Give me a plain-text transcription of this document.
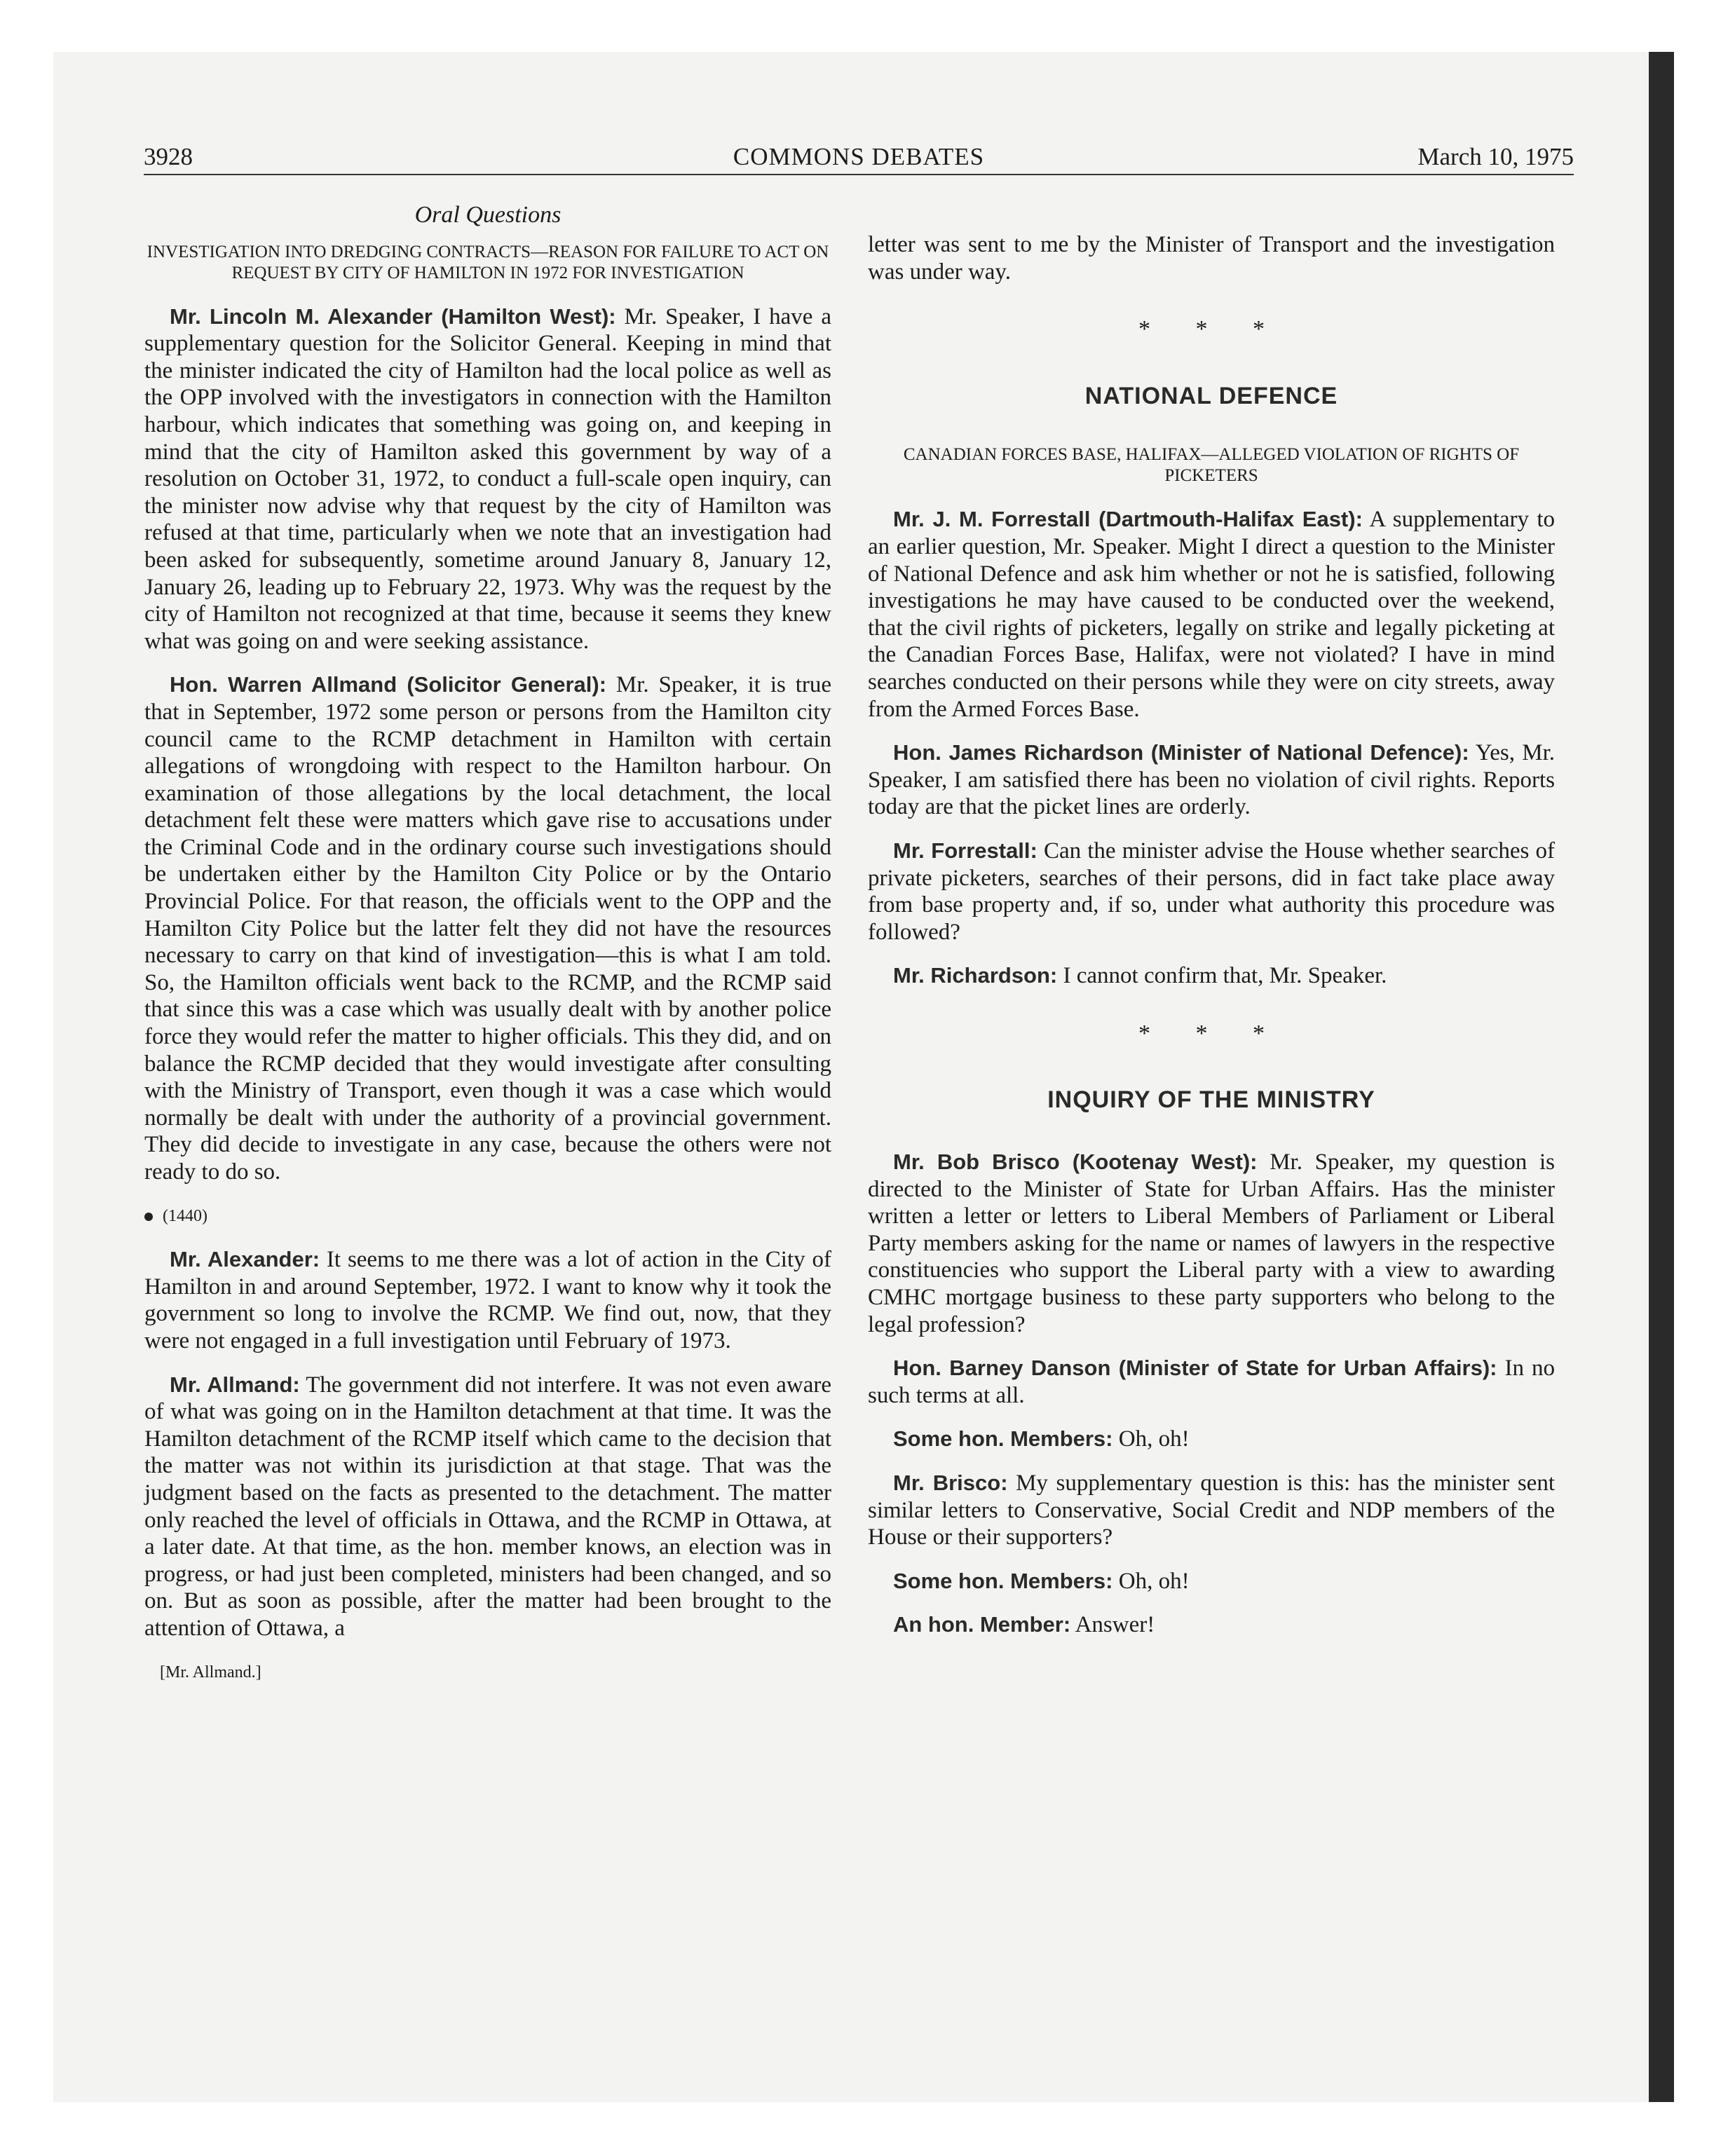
3928	COMMONS DEBATES	March 10, 1975
Oral Questions
INVESTIGATION INTO DREDGING CONTRACTS—REASON FOR FAILURE TO ACT ON REQUEST BY CITY OF HAMILTON IN 1972 FOR INVESTIGATION

Mr. Lincoln M. Alexander (Hamilton West): Mr. Speaker, I have a supplementary question for the Solicitor General. Keeping in mind that the minister indicated the city of Hamilton had the local police as well as the OPP involved with the investigators in connection with the Hamilton harbour, which indicates that something was going on, and keeping in mind that the city of Hamilton asked this government by way of a resolution on October 31, 1972, to conduct a full-scale open inquiry, can the minister now advise why that request by the city of Hamilton was refused at that time, particularly when we note that an investigation had been asked for subsequently, sometime around January 8, January 12, January 26, leading up to February 22, 1973. Why was the request by the city of Hamilton not recognized at that time, because it seems they knew what was going on and were seeking assistance.

Hon. Warren Allmand (Solicitor General): Mr. Speaker, it is true that in September, 1972 some person or persons from the Hamilton city council came to the RCMP detachment in Hamilton with certain allegations of wrongdoing with respect to the Hamilton harbour. On examination of those allegations by the local detachment, the local detachment felt these were matters which gave rise to accusations under the Criminal Code and in the ordinary course such investigations should be undertaken either by the Hamilton City Police or by the Ontario Provincial Police. For that reason, the officials went to the OPP and the Hamilton City Police but the latter felt they did not have the resources necessary to carry on that kind of investigation—this is what I am told. So, the Hamilton officials went back to the RCMP, and the RCMP said that since this was a case which was usually dealt with by another police force they would refer the matter to higher officials. This they did, and on balance the RCMP decided that they would investigate after consulting with the Ministry of Transport, even though it was a case which would normally be dealt with under the authority of a provincial government. They did decide to investigate in any case, because the others were not ready to do so.

(1440)

Mr. Alexander: It seems to me there was a lot of action in the City of Hamilton in and around September, 1972. I want to know why it took the government so long to involve the RCMP. We find out, now, that they were not engaged in a full investigation until February of 1973.

Mr. Allmand: The government did not interfere. It was not even aware of what was going on in the Hamilton detachment at that time. It was the Hamilton detachment of the RCMP itself which came to the decision that the matter was not within its jurisdiction at that stage. That was the judgment based on the facts as presented to the detachment. The matter only reached the level of officials in Ottawa, and the RCMP in Ottawa, at a later date. At that time, as the hon. member knows, an election was in progress, or had just been completed, ministers had been changed, and so on. But as soon as possible, after the matter had been brought to the attention of Ottawa, a

[Mr. Allmand.]

letter was sent to me by the Minister of Transport and the investigation was under way.

* * *
NATIONAL DEFENCE
CANADIAN FORCES BASE, HALIFAX—ALLEGED VIOLATION OF RIGHTS OF PICKETERS

Mr. J. M. Forrestall (Dartmouth-Halifax East): A supplementary to an earlier question, Mr. Speaker. Might I direct a question to the Minister of National Defence and ask him whether or not he is satisfied, following investigations he may have caused to be conducted over the weekend, that the civil rights of picketers, legally on strike and legally picketing at the Canadian Forces Base, Halifax, were not violated? I have in mind searches conducted on their persons while they were on city streets, away from the Armed Forces Base.

Hon. James Richardson (Minister of National Defence): Yes, Mr. Speaker, I am satisfied there has been no violation of civil rights. Reports today are that the picket lines are orderly.

Mr. Forrestall: Can the minister advise the House whether searches of private picketers, searches of their persons, did in fact take place away from base property and, if so, under what authority this procedure was followed?

Mr. Richardson: I cannot confirm that, Mr. Speaker.

* * *
INQUIRY OF THE MINISTRY

Mr. Bob Brisco (Kootenay West): Mr. Speaker, my question is directed to the Minister of State for Urban Affairs. Has the minister written a letter or letters to Liberal Members of Parliament or Liberal Party members asking for the name or names of lawyers in the respective constituencies who support the Liberal party with a view to awarding CMHC mortgage business to these party supporters who belong to the legal profession?

Hon. Barney Danson (Minister of State for Urban Affairs): In no such terms at all.

Some hon. Members: Oh, oh!

Mr. Brisco: My supplementary question is this: has the minister sent similar letters to Conservative, Social Credit and NDP members of the House or their supporters?

Some hon. Members: Oh, oh!

An hon. Member: Answer!
